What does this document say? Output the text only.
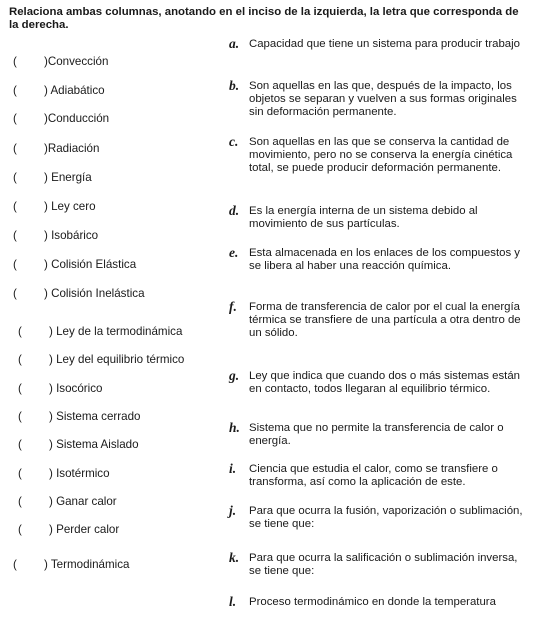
Relaciona ambas columnas, anotando en el inciso de la izquierda, la letra que corresponda de la derecha.
( )Convección
( ) Adiabático
( )Conducción
( )Radiación
( ) Energía
( ) Ley cero
( ) Isobárico
( ) Colisión Elástica
( ) Colisión Inelástica
( ) Ley de la termodinámica
( ) Ley del equilibrio térmico
( ) Isocórico
( ) Sistema cerrado
( ) Sistema Aislado
( ) Isotérmico
( ) Ganar calor
( ) Perder calor
( ) Termodinámica
a. Capacidad que tiene un sistema para producir trabajo
b. Son aquellas en las que, después de la impacto, los objetos se separan y vuelven a sus formas originales sin deformación permanente.
c. Son aquellas en las que se conserva la cantidad de movimiento, pero no se conserva la energía cinética total, se puede producir deformación permanente.
d. Es la energía interna de un sistema debido al movimiento de sus partículas.
e. Esta almacenada en los enlaces de los compuestos y se libera al haber una reacción química.
f. Forma de transferencia de calor por el cual la energía térmica se transfiere de una partícula a otra dentro de un sólido.
g. Ley que indica que cuando dos o más sistemas están en contacto, todos llegaran al equilibrio térmico.
h. Sistema que no permite la transferencia de calor o energía.
i. Ciencia que estudia el calor, como se transfiere o transforma, así como la aplicación de este.
j. Para que ocurra la fusión, vaporización o sublimación, se tiene que:
k. Para que ocurra la salificación o sublimación inversa, se tiene que:
l. Proceso termodinámico en donde la temperatura
